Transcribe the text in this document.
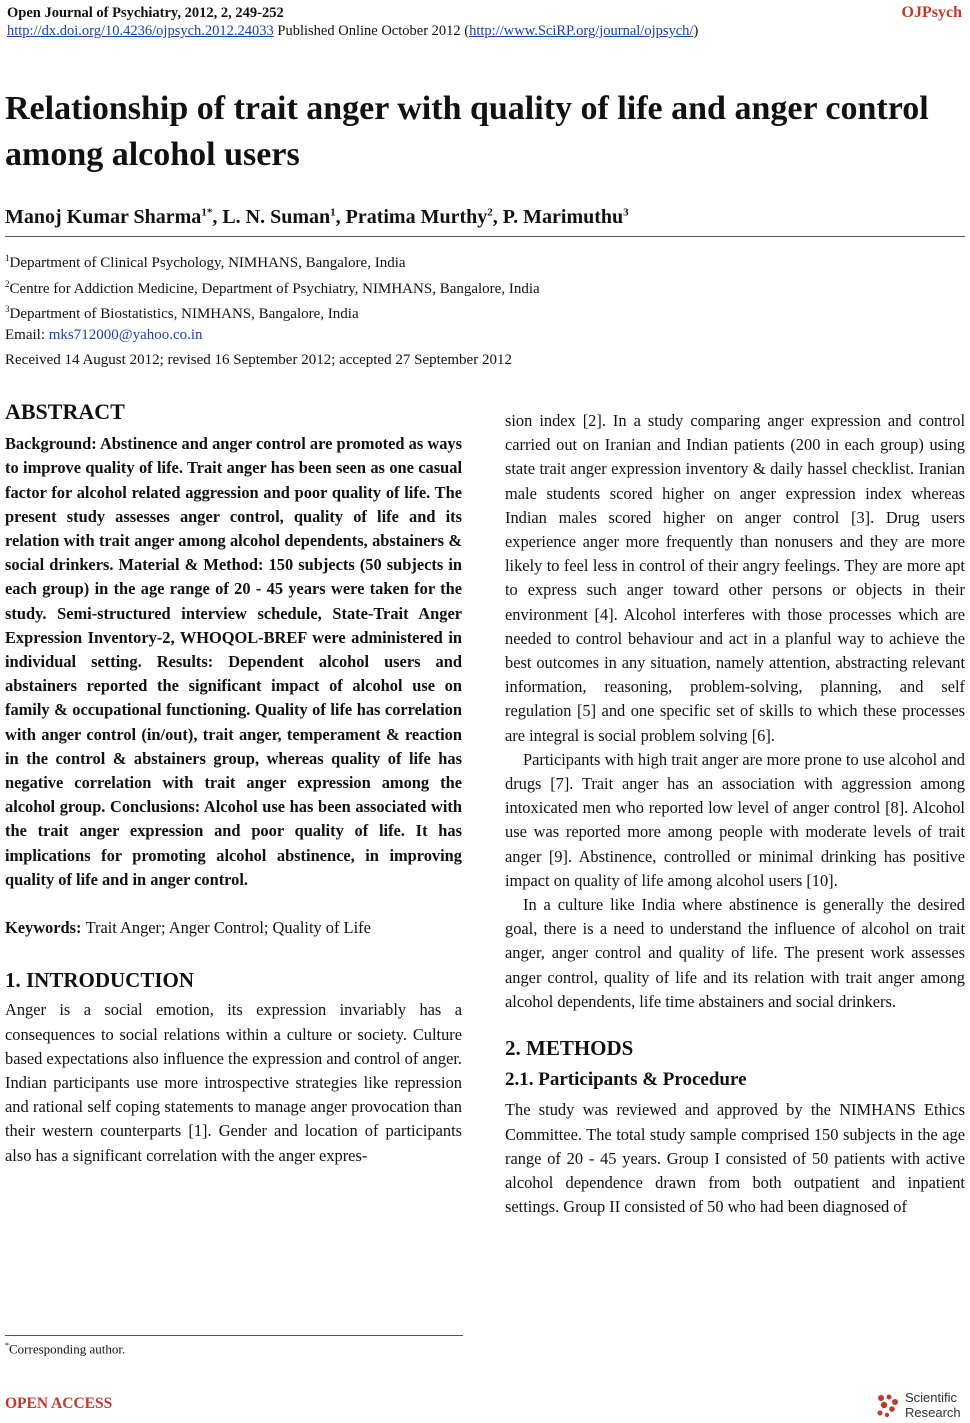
Open Journal of Psychiatry, 2012, 2, 249-252
http://dx.doi.org/10.4236/ojpsych.2012.24033 Published Online October 2012 (http://www.SciRP.org/journal/ojpsych/)
OJPsych
Relationship of trait anger with quality of life and anger control among alcohol users
Manoj Kumar Sharma$^{1*}$, L. N. Suman$^1$, Pratima Murthy$^2$, P. Marimuthu$^3$
$^1$Department of Clinical Psychology, NIMHANS, Bangalore, India
$^2$Centre for Addiction Medicine, Department of Psychiatry, NIMHANS, Bangalore, India
$^3$Department of Biostatistics, NIMHANS, Bangalore, India
Email: mks712000@yahoo.co.in
Received 14 August 2012; revised 16 September 2012; accepted 27 September 2012
ABSTRACT

Background: Abstinence and anger control are promoted as ways to improve quality of life. Trait anger has been seen as one casual factor for alcohol related aggression and poor quality of life. The present study assesses anger control, quality of life and its relation with trait anger among alcohol dependents, abstainers & social drinkers. Material & Method: 150 subjects (50 subjects in each group) in the age range of 20 - 45 years were taken for the study. Semi-structured interview schedule, State-Trait Anger Expression Inventory-2, WHOQOL-BREF were administered in individual setting. Results: Dependent alcohol users and abstainers reported the significant impact of alcohol use on family & occupational functioning. Quality of life has correlation with anger control (in/out), trait anger, temperament & reaction in the control & abstainers group, whereas quality of life has negative correlation with trait anger expression among the alcohol group. Conclusions: Alcohol use has been associated with the trait anger expression and poor quality of life. It has implications for promoting alcohol abstinence, in improving quality of life and in anger control.

Keywords: Trait Anger; Anger Control; Quality of Life

1. INTRODUCTION

Anger is a social emotion, its expression invariably has a consequences to social relations within a culture or society. Culture based expectations also influence the expression and control of anger. Indian participants use more introspective strategies like repression and rational self coping statements to manage anger provocation than their western counterparts [1]. Gender and location of participants also has a significant correlation with the anger expres-

sion index [2]. In a study comparing anger expression and control carried out on Iranian and Indian patients (200 in each group) using state trait anger expression inventory & daily hassel checklist. Iranian male students scored higher on anger expression index whereas Indian males scored higher on anger control [3]. Drug users experience anger more frequently than nonusers and they are more likely to feel less in control of their angry feelings. They are more apt to express such anger toward other persons or objects in their environment [4]. Alcohol interferes with those processes which are needed to control behaviour and act in a planful way to achieve the best outcomes in any situation, namely attention, abstracting relevant information, reasoning, problem-solving, planning, and self regulation [5] and one specific set of skills to which these processes are integral is social problem solving [6].

Participants with high trait anger are more prone to use alcohol and drugs [7]. Trait anger has an association with aggression among intoxicated men who reported low level of anger control [8]. Alcohol use was reported more among people with moderate levels of trait anger [9]. Abstinence, controlled or minimal drinking has positive impact on quality of life among alcohol users [10].

In a culture like India where abstinence is generally the desired goal, there is a need to understand the influence of alcohol on trait anger, anger control and quality of life. The present work assesses anger control, quality of life and its relation with trait anger among alcohol dependents, life time abstainers and social drinkers.

2. METHODS
2.1. Participants & Procedure

The study was reviewed and approved by the NIMHANS Ethics Committee. The total study sample comprised 150 subjects in the age range of 20 - 45 years. Group I consisted of 50 patients with active alcohol dependence drawn from both outpatient and inpatient settings. Group II consisted of 50 who had been diagnosed of

*Corresponding author.
OPEN ACCESS	Scientific
Research
